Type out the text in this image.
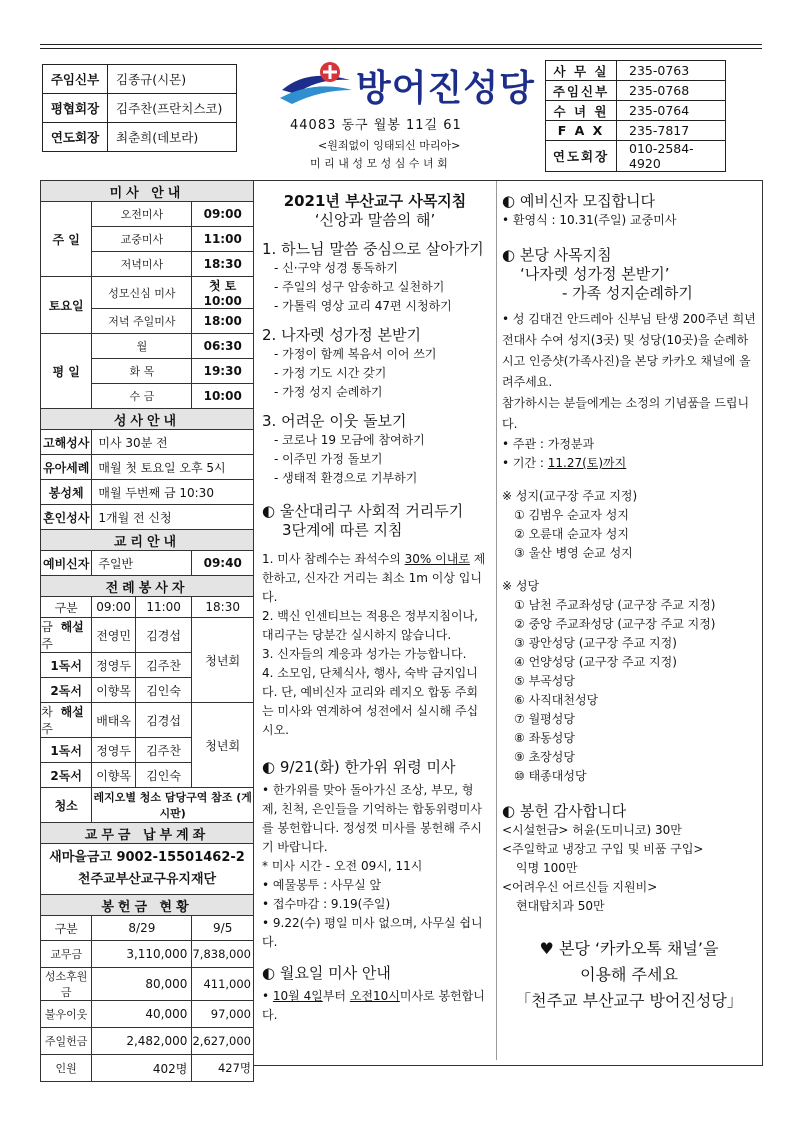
주임신부	김종규(시몬)
평협회장	김주찬(프란치스코)
연도회장	최춘희(데보라)
방어진성당
44083 동구 월봉 11길 61
<원죄없이 잉태되신 마리아>
미 리 내 성 모 성 심 수 녀 회
사 무 실	235-0763
주임신부	235-0768
수 녀 원	235-0764
F A X	235-7817
연도회장	010-2584-4920
미사 안내			
주 일	오전미사		09:00
	교중미사		11:00
	저녁미사		18:30
토요일	성모신심 미사		첫 토 10:00
	저녁 주일미사		18:00
평 일	월		06:30
	화 목		19:30
	수 금		10:00
성사안내			
고해성사	미사 30분 전		
유아세례	매월 첫 토요일 오후 5시		
봉성체	매월 두번째 금 10:30		
혼인성사	1개월 전 신청		
교리안내			
예비신자	주일반		09:40
전례봉사자			
구분	09:00	11:00	18:30

금 주
해설	전영민	김경섭	청년회
1독서	정영두	김주찬	
2독서	이향목	김인숙	

차 주
해설	배태옥	김경섭	청년회
1독서	정영두	김주찬	
2독서	이향목	김인숙	
청소	레지오별 청소 담당구역 참조 (게시판)		
교무금 납부계좌			

새마을금고 9002-15501462-2
천주교부산교구유지재단			

봉헌금 현황			
구분	8/29		9/5
교무금	3,110,000		7,838,000
성소후원금	80,000		411,000
불우이웃	40,000		97,000
주일헌금	2,482,000		2,627,000
인원	402명		427명

2021년 부산교구 사목지침

‘신앙과 말씀의 해’

1. 하느님 말씀 중심으로 살아가기

- 신·구약 성경 통독하기

- 주일의 성구 암송하고 실천하기

- 가톨릭 영상 교리 47편 시청하기

2. 나자렛 성가정 본받기

- 가정이 함께 복음서 이어 쓰기

- 가정 기도 시간 갖기

- 가정 성지 순례하기

3. 어려운 이웃 돌보기

- 코로나 19 모금에 참여하기

- 이주민 가정 돌보기

- 생태적 환경으로 기부하기

◐ 울산대리구 사회적 거리두기

3단계에 따른 지침

1. 미사 참례수는 좌석수의 30% 이내로 제한하고, 신자간 거리는 최소 1m 이상 입니다.

2. 백신 인센티브는 적용은 정부지침이나, 대리구는 당분간 실시하지 않습니다.

3. 신자들의 계응과 성가는 가능합니다.

4. 소모임, 단체식사, 행사, 숙박 금지입니다. 단, 예비신자 교리와 레지오 합동 주회는 미사와 연계하여 성전에서 실시해 주십시오.

◐ 9/21(화) 한가위 위령 미사

• 한가위를 맞아 돌아가신 조상, 부모, 형제, 친척, 은인들을 기억하는 합동위령미사를 봉헌합니다. 정성껏 미사를 봉헌해 주시기 바랍니다.

* 미사 시간 - 오전 09시, 11시

• 예물봉투 : 사무실 앞

• 접수마감 : 9.19(주일)

• 9.22(수) 평일 미사 없으며, 사무실 쉽니다.

◐ 월요일 미사 안내

• 10월 4일부터 오전10시미사로 봉헌합니다.

◐ 예비신자 모집합니다

• 환영식 : 10.31(주일) 교중미사

◐ 본당 사목지침

‘나자렛 성가정 본받기’

- 가족 성지순례하기

• 성 김대건 안드레아 신부님 탄생 200주년 희년 전대사 수여 성지(3곳) 및 성당(10곳)을 순례하시고 인증샷(가족사진)을 본당 카카오 채널에 올려주세요.

참가하시는 분들에게는 소정의 기념품을 드립니다.

• 주관 : 가정분과

• 기간 : 11.27(토)까지

※ 성지(교구장 주교 지정)

① 김범우 순교자 성지

② 오륜대 순교자 성지

③ 울산 병영 순교 성지

※ 성당

① 남천 주교좌성당 (교구장 주교 지정)

② 중앙 주교좌성당 (교구장 주교 지정)

③ 광안성당 (교구장 주교 지정)

④ 언양성당 (교구장 주교 지정)

⑤ 부곡성당

⑥ 사직대천성당

⑦ 월평성당

⑧ 좌동성당

⑨ 초장성당

⑩ 태종대성당

◐ 봉헌 감사합니다

<시설헌금> 허윤(도미니코) 30만

<주일학교 냉장고 구입 및 비품 구입>

익명 100만

<어려우신 어르신들 지원비>

현대탑치과 50만

♥ 본당 ‘카카오톡 채널’을

이용해 주세요

「천주교 부산교구 방어진성당」
